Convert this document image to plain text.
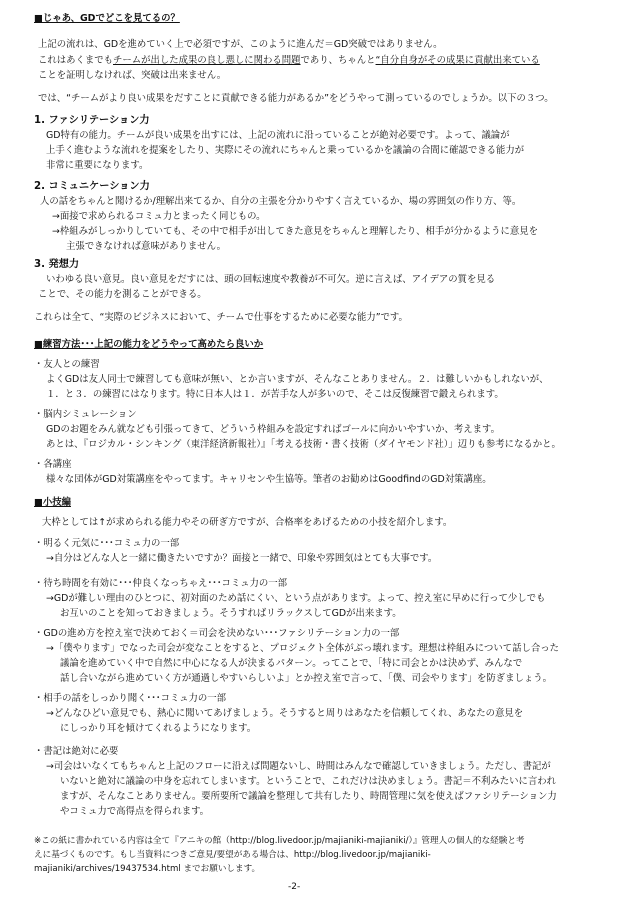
■じゃあ、GDでどこを見てるの？
上記の流れは、GDを進めていく上で必須ですが、このように進んだ＝GD突破ではありません。
これはあくまでもチームが出した成果の良し悪しに関わる問題であり、ちゃんと“自分自身がその成果に貢献出来ている
ことを証明しなければ、突破は出来ません。
では、“チームがより良い成果をだすことに貢献できる能力があるか”をどうやって測っているのでしょうか。以下の３つ。
1. ファシリテーション力
GD特有の能力。チームが良い成果を出すには、上記の流れに沿っていることが絶対必要です。よって、議論が
上手く進むような流れを提案をしたり、実際にその流れにちゃんと乗っているかを議論の合間に確認できる能力が
非常に重要になります。
2. コミュニケーション力
人の話をちゃんと聞けるか/理解出来てるか、自分の主張を分かりやすく言えているか、場の雰囲気の作り方、等。
→面接で求められるコミュ力とまったく同じもの。
→枠組みがしっかりしていても、その中で相手が出してきた意見をちゃんと理解したり、相手が分かるように意見を
主張できなければ意味がありません。
3. 発想力
いわゆる良い意見。良い意見をだすには、頭の回転速度や教養が不可欠。逆に言えば、アイデアの質を見る
ことで、その能力を測ることができる。
これらは全て、“実際のビジネスにおいて、チームで仕事をするために必要な能力”です。
■練習方法･･･上記の能力をどうやって高めたら良いか
・友人との練習
よくGDは友人同士で練習しても意味が無い、とか言いますが、そんなことありません。２．は難しいかもしれないが、
１．と３．の練習にはなります。特に日本人は１．が苦手な人が多いので、そこは反復練習で鍛えられます。
・脳内シミュレーション
GDのお題をみん就なども引張ってきて、どういう枠組みを設定すればゴールに向かいやすいか、考えます。
あとは、『ロジカル・シンキング（東洋経済新報社）』「考える技術・書く技術（ダイヤモンド社）」辺りも参考になるかと。
・各講座
様々な団体がGD対策講座をやってます。キャリセンや生協等。筆者のお勧めはGoodfindのGD対策講座。
■小技編
大枠としては↑が求められる能力やその研ぎ方ですが、合格率をあげるための小技を紹介します。
・明るく元気に･･･コミュ力の一部
→自分はどんな人と一緒に働きたいですか？面接と一緒で、印象や雰囲気はとても大事です。
・待ち時間を有効に･･･仲良くなっちゃえ･･･コミュ力の一部
→GDが難しい理由のひとつに、初対面のため話にくい、という点があります。よって、控え室に早めに行って少しでも
お互いのことを知っておきましょう。そうすればリラックスしてGDが出来ます。
・GDの進め方を控え室で決めておく＝司会を決めない･･･ファシリテーション力の一部
→「僕やります」でなった司会が変なことをすると、プロジェクト全体がぶっ壊れます。理想は枠組みについて話し合った
議論を進めていく中で自然に中心になる人が決まるパターン。ってことで、「特に司会とかは決めず、みんなで
話し合いながら進めていく方が通過しやすいらしいよ」とか控え室で言って、「僕、司会やります」を防ぎましょう。
・相手の話をしっかり聞く･･･コミュ力の一部
→どんなひどい意見でも、熱心に聞いてあげましょう。そうすると周りはあなたを信頼してくれ、あなたの意見を
にしっかり耳を傾けてくれるようになります。
・書記は絶対に必要
→司会はいなくてもちゃんと上記のフローに沿えば問題ないし、時間はみんなで確認していきましょう。ただし、書記が
いないと絶対に議論の中身を忘れてしまいます。ということで、これだけは決めましょう。書記＝不利みたいに言われ
ますが、そんなことありません。要所要所で議論を整理して共有したり、時間管理に気を使えばファシリテーション力
やコミュ力で高得点を得られます。
※この紙に書かれている内容は全て『アニキの館（http://blog.livedoor.jp/majianiki-majianiki/）』管理人の個人的な経験と考
えに基づくものです。もし当資料につきご意見/要望がある場合は、http://blog.livedoor.jp/majianiki-
majianiki/archives/19437534.html までお願いします。
-2-
